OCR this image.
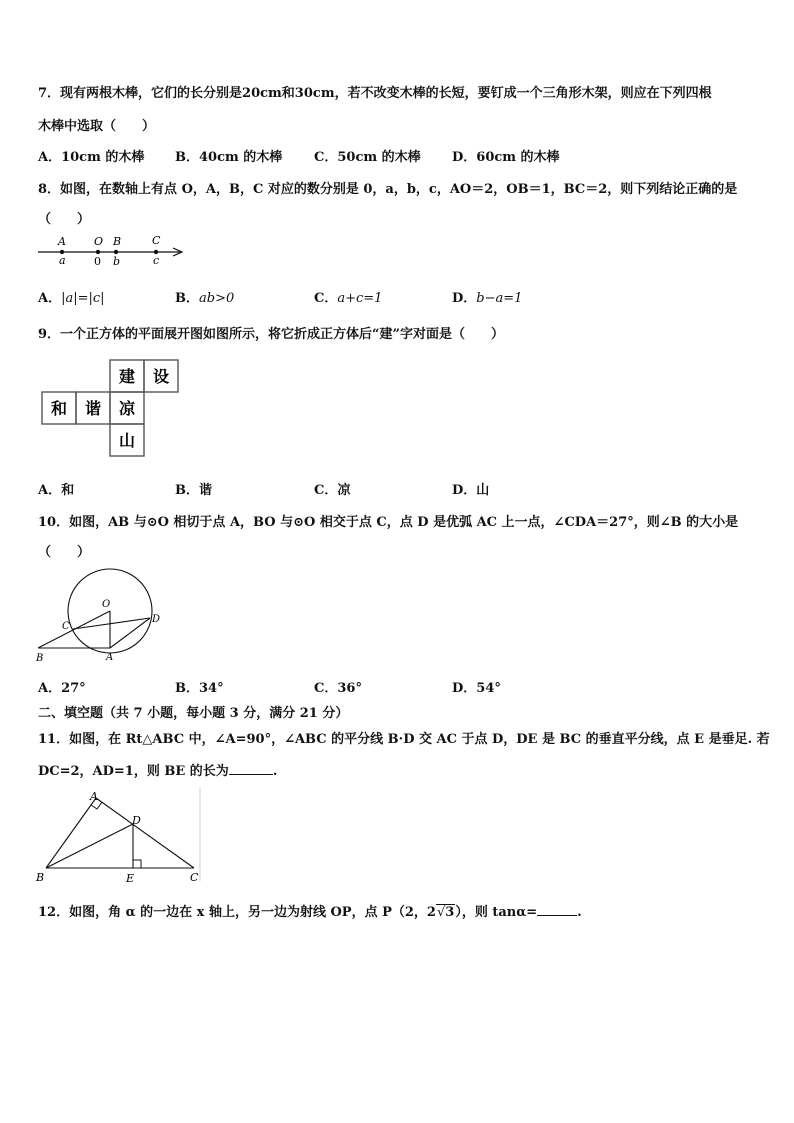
7．现有两根木棒，它们的长分别是20cm和30cm，若不改变木棒的长短，要钉成一个三角形木架，则应在下列四根
木棒中选取（　　）
A．10cm 的木棒 B．40cm 的木棒 C．50cm 的木棒 D．60cm 的木棒
8．如图，在数轴上有点 O，A，B，C 对应的数分别是 0，a，b，c，AO＝2，OB＝1，BC＝2，则下列结论正确的是
（　　）
A	O B	C
a	0 b	c
A．|a|=|c|	B．ab>0	C．a+c=1	D．b−a=1
9．一个正方体的平面展开图如图所示，将它折成正方体后“建”字对面是（　　）
建 设
和 谐 凉
山
A．和	B．谐	C．凉	D．山
10．如图，AB 与⊙O 相切于点 A，BO 与⊙O 相交于点 C，点 D 是优弧 AC 上一点，∠CDA＝27°，则∠B 的大小是
（　　）
O
C
D
B	A
A．27°	B．34°	C．36°	D．54°
二、填空题（共 7 小题，每小题 3 分，满分 21 分）
11．如图，在 Rt△ABC 中，∠A=90°，∠ABC 的平分线 B·D 交 AC 于点 D，DE 是 BC 的垂直平分线，点 E 是垂足. 若
DC=2，AD=1，则 BE 的长为	.
A
D
B	E	C
12．如图，角 α 的一边在 x 轴上，另一边为射线 OP，点 P（2，2√3），则 tanα=	.
